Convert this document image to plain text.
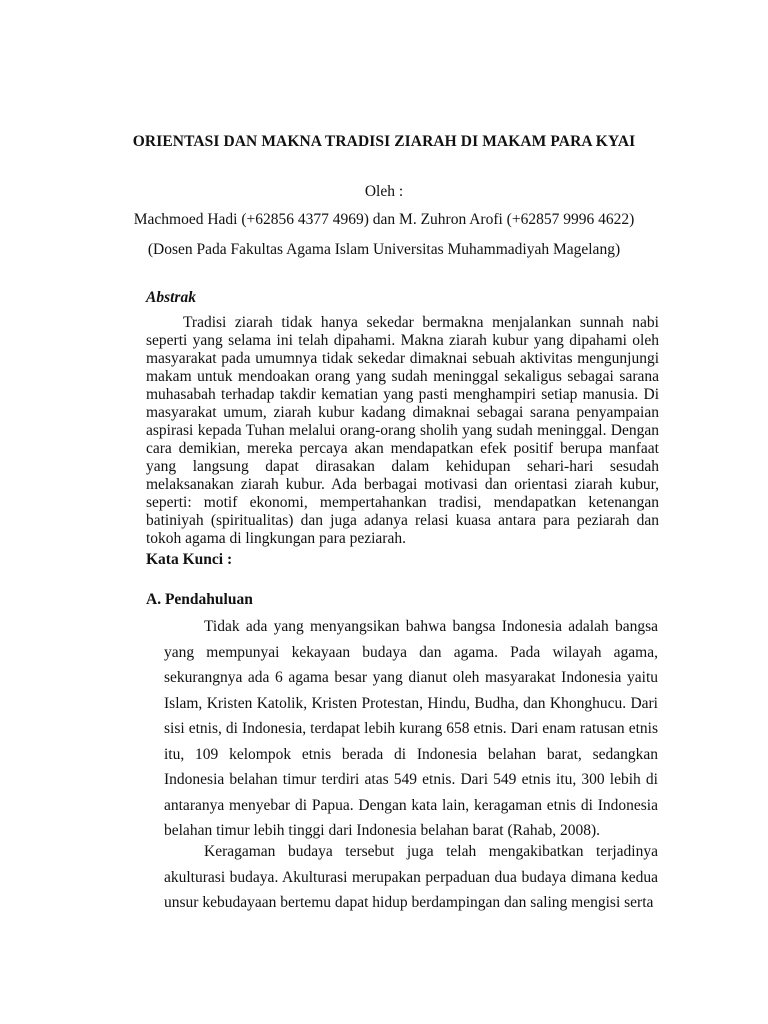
ORIENTASI DAN MAKNA TRADISI ZIARAH DI MAKAM PARA KYAI

Oleh :

Machmoed Hadi (+62856 4377 4969) dan M. Zuhron Arofi (+62857 9996 4622)

(Dosen Pada Fakultas Agama Islam Universitas Muhammadiyah Magelang)

Abstrak

Tradisi ziarah tidak hanya sekedar bermakna menjalankan sunnah nabi seperti yang selama ini telah dipahami. Makna ziarah kubur yang dipahami oleh masyarakat pada umumnya tidak sekedar dimaknai sebuah aktivitas mengunjungi makam untuk mendoakan orang yang sudah meninggal sekaligus sebagai sarana muhasabah terhadap takdir kematian yang pasti menghampiri setiap manusia. Di masyarakat umum, ziarah kubur kadang dimaknai sebagai sarana penyampaian aspirasi kepada Tuhan melalui orang-orang sholih yang sudah meninggal. Dengan cara demikian, mereka percaya akan mendapatkan efek positif berupa manfaat yang langsung dapat dirasakan dalam kehidupan sehari-hari sesudah melaksanakan ziarah kubur. Ada berbagai motivasi dan orientasi ziarah kubur, seperti: motif ekonomi, mempertahankan tradisi, mendapatkan ketenangan batiniyah (spiritualitas) dan juga adanya relasi kuasa antara para peziarah dan tokoh agama di lingkungan para peziarah.

Kata Kunci :

A. Pendahuluan

Tidak ada yang menyangsikan bahwa bangsa Indonesia adalah bangsa yang mempunyai kekayaan budaya dan agama. Pada wilayah agama, sekurangnya ada 6 agama besar yang dianut oleh masyarakat Indonesia yaitu Islam, Kristen Katolik, Kristen Protestan, Hindu, Budha, dan Khonghucu. Dari sisi etnis, di Indonesia, terdapat lebih kurang 658 etnis. Dari enam ratusan etnis itu, 109 kelompok etnis berada di Indonesia belahan barat, sedangkan Indonesia belahan timur terdiri atas 549 etnis. Dari 549 etnis itu, 300 lebih di antaranya menyebar di Papua. Dengan kata lain, keragaman etnis di Indonesia belahan timur lebih tinggi dari Indonesia belahan barat (Rahab, 2008).

Keragaman budaya tersebut juga telah mengakibatkan terjadinya akulturasi budaya. Akulturasi merupakan perpaduan dua budaya dimana kedua unsur kebudayaan bertemu dapat hidup berdampingan dan saling mengisi serta
